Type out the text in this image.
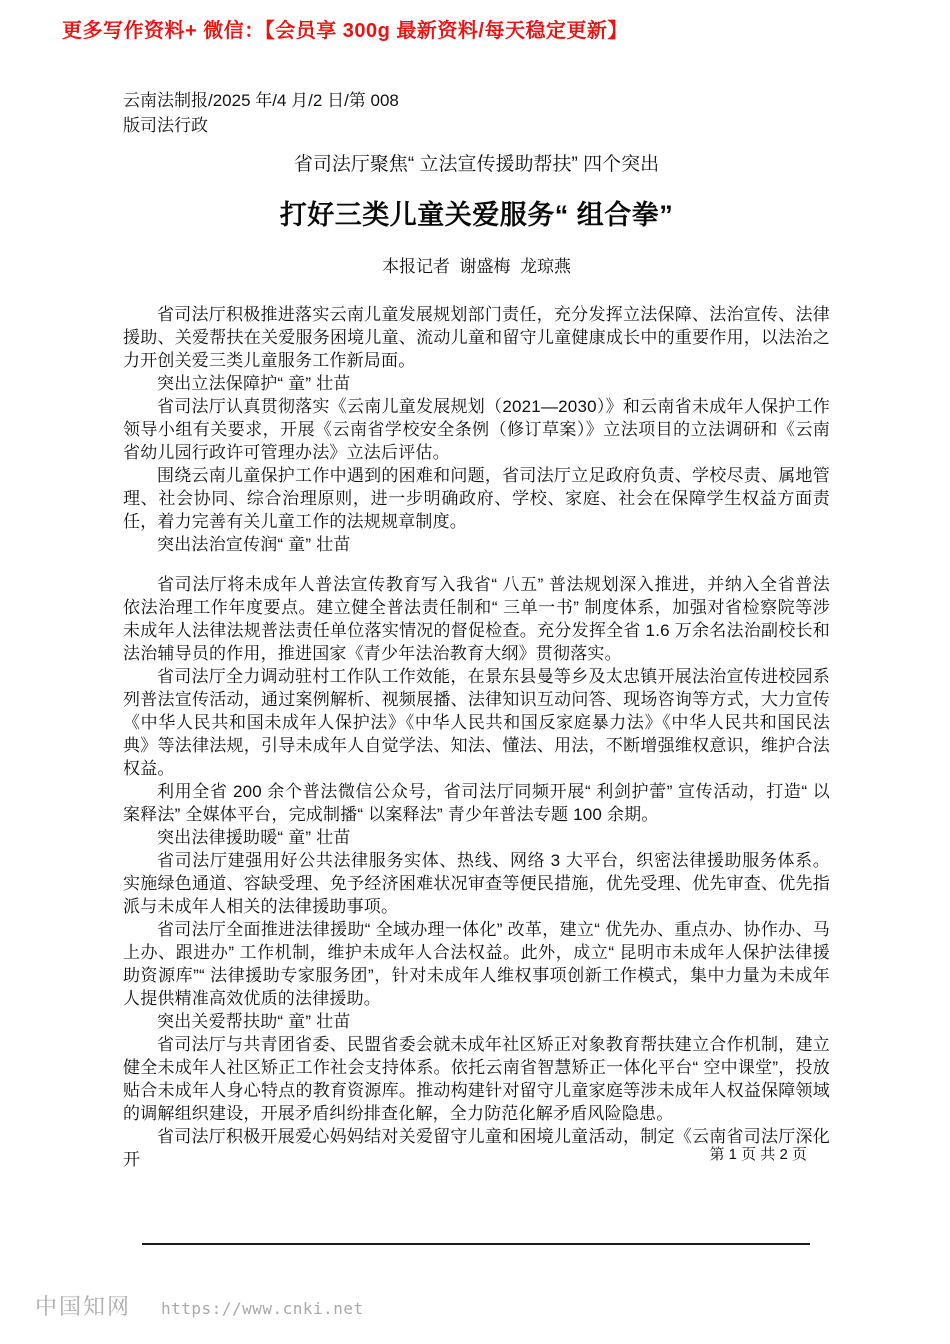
更多写作资料+ 微信：【会员享 300g 最新资料/每天稳定更新】
云南法制报/2025 年/4 月/2 日/第 008
版司法行政
省司法厅聚焦“ 立法宣传援助帮扶” 四个突出
打好三类儿童关爱服务“ 组合拳”
本报记者  谢盛梅  龙琼燕

省司法厅积极推进落实云南儿童发展规划部门责任，充分发挥立法保障、法治宣传、法律援助、关爱帮扶在关爱服务困境儿童、流动儿童和留守儿童健康成长中的重要作用，以法治之力开创关爱三类儿童服务工作新局面。

突出立法保障护“ 童” 壮苗

省司法厅认真贯彻落实《云南儿童发展规划（2021—2030）》和云南省未成年人保护工作领导小组有关要求，开展《云南省学校安全条例（修订草案）》立法项目的立法调研和《云南省幼儿园行政许可管理办法》立法后评估。

围绕云南儿童保护工作中遇到的困难和问题，省司法厅立足政府负责、学校尽责、属地管理、社会协同、综合治理原则，进一步明确政府、学校、家庭、社会在保障学生权益方面责任，着力完善有关儿童工作的法规规章制度。

突出法治宣传润“ 童” 壮苗

省司法厅将未成年人普法宣传教育写入我省“ 八五” 普法规划深入推进，并纳入全省普法依法治理工作年度要点。建立健全普法责任制和“ 三单一书” 制度体系，加强对省检察院等涉未成年人法律法规普法责任单位落实情况的督促检查。充分发挥全省 1.6 万余名法治副校长和法治辅导员的作用，推进国家《青少年法治教育大纲》贯彻落实。

省司法厅全力调动驻村工作队工作效能，在景东县曼等乡及太忠镇开展法治宣传进校园系列普法宣传活动，通过案例解析、视频展播、法律知识互动问答、现场咨询等方式，大力宣传《中华人民共和国未成年人保护法》《中华人民共和国反家庭暴力法》《中华人民共和国民法典》等法律法规，引导未成年人自觉学法、知法、懂法、用法，不断增强维权意识，维护合法权益。

利用全省 200 余个普法微信公众号，省司法厅同频开展“ 利剑护蕾” 宣传活动，打造“ 以案释法” 全媒体平台，完成制播“ 以案释法” 青少年普法专题 100 余期。

突出法律援助暖“ 童” 壮苗

省司法厅建强用好公共法律服务实体、热线、网络 3 大平台，织密法律援助服务体系。实施绿色通道、容缺受理、免予经济困难状况审查等便民措施，优先受理、优先审查、优先指派与未成年人相关的法律援助事项。

省司法厅全面推进法律援助“ 全域办理一体化” 改革，建立“ 优先办、重点办、协作办、马上办、跟进办” 工作机制，维护未成年人合法权益。此外，成立“ 昆明市未成年人保护法律援助资源库”“ 法律援助专家服务团”，针对未成年人维权事项创新工作模式，集中力量为未成年人提供精准高效优质的法律援助。

突出关爱帮扶助“ 童” 壮苗

省司法厅与共青团省委、民盟省委会就未成年社区矫正对象教育帮扶建立合作机制，建立健全未成年人社区矫正工作社会支持体系。依托云南省智慧矫正一体化平台“ 空中课堂”，投放贴合未成年人身心特点的教育资源库。推动构建针对留守儿童家庭等涉未成年人权益保障领域的调解组织建设，开展矛盾纠纷排查化解，全力防范化解矛盾风险隐患。

省司法厅积极开展爱心妈妈结对关爱留守儿童和困境儿童活动，制定《云南省司法厅深化开	第 1 页 共 2 页
中国知网 https://www.cnki.net
